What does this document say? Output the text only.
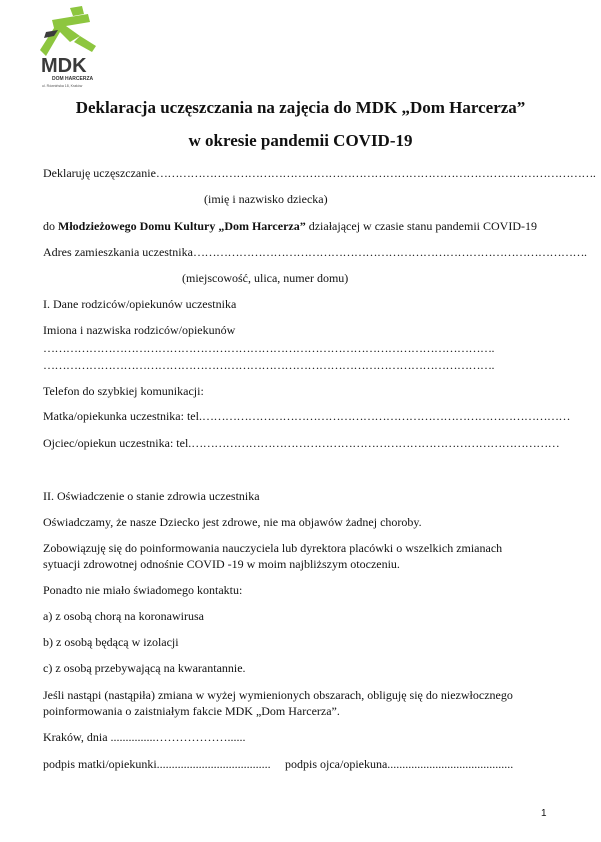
MDK
DOM HARCERZA
ul. Równińska 18, Kraków
Deklaracja uczęszczania na zajęcia do MDK „Dom Harcerza”
w okresie pandemii COVID-19
Deklaruję uczęszczanie…………………………………………………………………………………………………….
(imię i nazwisko dziecka)
do Młodzieżowego Domu Kultury „Dom Harcerza” działającej w czasie stanu pandemii COVID-19
Adres zamieszkania uczestnika………………………………………………………………………………………….
(miejscowość, ulica, numer domu)
I. Dane rodziców/opiekunów uczestnika
Imiona i nazwiska rodziców/opiekunów
……………………………………………………………………………………………………….
……………………………………………………………………………………………………….
Telefon do szybkiej komunikacji:
Matka/opiekunka uczestnika: tel.……………………………………………………………………………………
Ojciec/opiekun uczestnika: tel.……………………………………………………………………………………
II. Oświadczenie o stanie zdrowia uczestnika
Oświadczamy, że nasze Dziecko jest zdrowe, nie ma objawów żadnej choroby.
Zobowiązuję się do poinformowania nauczyciela lub dyrektora placówki o wszelkich zmianach
sytuacji zdrowotnej odnośnie COVID -19 w moim najbliższym otoczeniu.
Ponadto nie miało świadomego kontaktu:
a) z osobą chorą na koronawirusa
b) z osobą będącą w izolacji
c) z osobą przebywającą na kwarantannie.
Jeśli nastąpi (nastąpiła) zmiana w wyżej wymienionych obszarach, obliguję się do niezwłocznego
poinformowania o zaistniałym fakcie MDK „Dom Harcerza”.
Kraków, dnia ...............………………......
podpis matki/opiekunki...................................... podpis ojca/opiekuna..........................................
1
